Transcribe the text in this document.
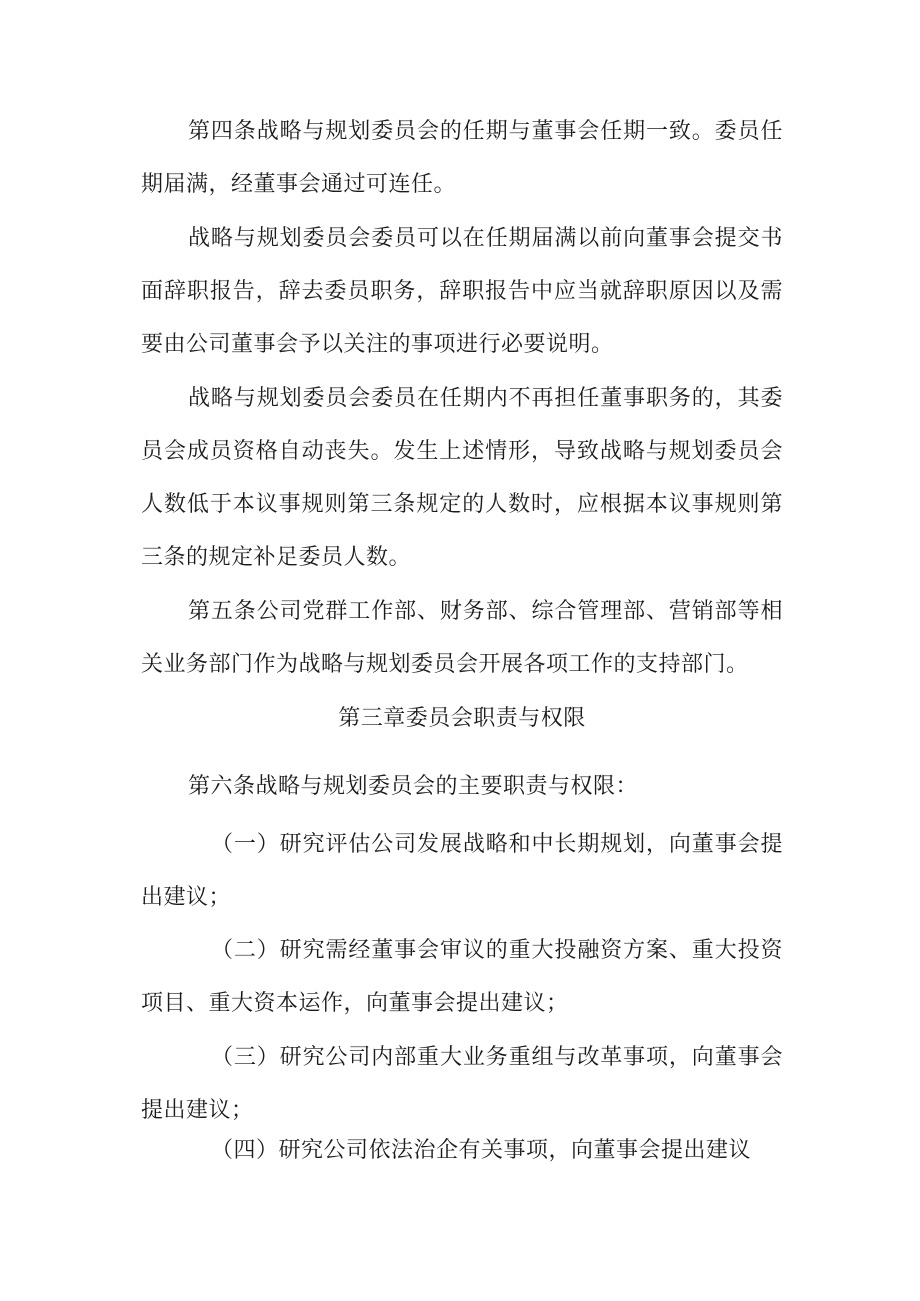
第四条战略与规划委员会的任期与董事会任期一致。委员任期届满，经董事会通过可连任。

战略与规划委员会委员可以在任期届满以前向董事会提交书面辞职报告，辞去委员职务，辞职报告中应当就辞职原因以及需要由公司董事会予以关注的事项进行必要说明。

战略与规划委员会委员在任期内不再担任董事职务的，其委员会成员资格自动丧失。发生上述情形，导致战略与规划委员会人数低于本议事规则第三条规定的人数时，应根据本议事规则第三条的规定补足委员人数。

第五条公司党群工作部、财务部、综合管理部、营销部等相关业务部门作为战略与规划委员会开展各项工作的支持部门。

第三章委员会职责与权限

第六条战略与规划委员会的主要职责与权限：

（一）研究评估公司发展战略和中长期规划，向董事会提出建议；

（二）研究需经董事会审议的重大投融资方案、重大投资项目、重大资本运作，向董事会提出建议；

（三）研究公司内部重大业务重组与改革事项，向董事会提出建议；

（四）研究公司依法治企有关事项，向董事会提出建议
